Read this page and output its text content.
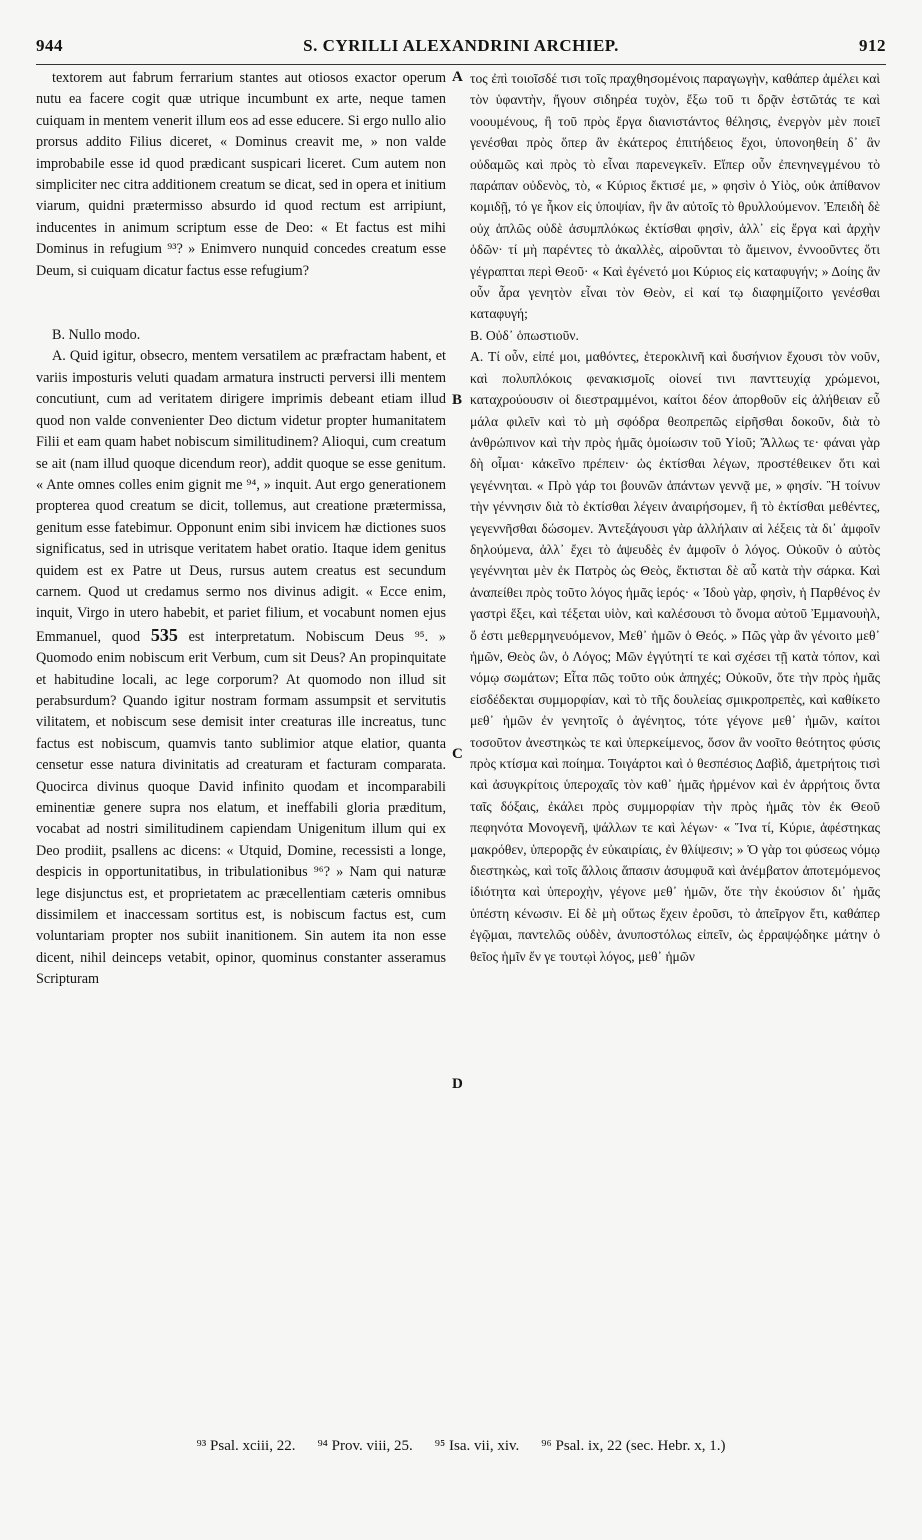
944	S. CYRILLI ALEXANDRINI ARCHIEP.	912

textorem aut fabrum ferrarium stantes aut otiosos exactor operum nutu ea facere cogit quæ utrique incumbunt ex arte, neque tamen cuiquam in mentem venerit illum eos ad esse educere. Si ergo nullo alio prorsus addito Filius diceret, « Dominus creavit me, » non valde improbabile esse id quod prædicant suspicari liceret. Cum autem non simpliciter nec citra additionem creatum se dicat, sed in opera et initium viarum, quidni prætermisso absurdo id quod rectum est arripiunt, inducentes in animum scriptum esse de Deo: « Et factus est mihi Dominus in refugium ⁹³? » Enimvero nunquid concedes creatum esse Deum, si cuiquam dicatur factus esse refugium?

B. Nullo modo.

A. Quid igitur, obsecro, mentem versatilem ac præfractam habent, et variis imposturis veluti quadam armatura instructi perversi illi mentem concutiunt, cum ad veritatem dirigere imprimis debeant etiam illud quod non valde convenienter Deo dictum videtur propter humanitatem Filii et eam quam habet nobiscum similitudinem? Alioqui, cum creatum se ait (nam illud quoque dicendum reor), addit quoque se esse genitum. « Ante omnes colles enim gignit me ⁹⁴, » inquit. Aut ergo generationem propterea quod creatum se dicit, tollemus, aut creatione prætermissa, genitum esse fatebimur. Opponunt enim sibi invicem hæ dictiones suos significatus, sed in utrisque veritatem habet oratio. Itaque idem genitus quidem est ex Patre ut Deus, rursus autem creatus est secundum carnem. Quod ut credamus sermo nos divinus adigit. « Ecce enim, inquit, Virgo in utero habebit, et pariet filium, et vocabunt nomen ejus Emmanuel, quod 535 est interpretatum. Nobiscum Deus ⁹⁵. » Quomodo enim nobiscum erit Verbum, cum sit Deus? An propinquitate et habitudine locali, ac lege corporum? At quomodo non illud sit perabsurdum? Quando igitur nostram formam assumpsit et servitutis vilitatem, et nobiscum sese demisit inter creaturas ille increatus, tunc factus est nobiscum, quamvis tanto sublimior atque elatior, quanta censetur esse natura divinitatis ad creaturam et facturam comparata. Quocirca divinus quoque David infinito quodam et incomparabili eminentiæ genere supra nos elatum, et ineffabili gloria præditum, vocabat ad nostri similitudinem capiendam Unigenitum illum qui ex Deo prodiit, psallens ac dicens: « Utquid, Domine, recessisti a longe, despicis in opportunitatibus, in tribulationibus ⁹⁶? » Nam qui naturæ lege disjunctus est, et proprietatem ac præcellentiam cæteris omnibus dissimilem et inaccessam sortitus est, is nobiscum factus est, cum voluntariam propter nos subiit inanitionem. Sin autem ita non esse dicent, nihil deinceps vetabit, opinor, quominus constanter asseramus Scripturam

A
B
C
D

τος ἐπὶ τοιοῖσδέ τισι τοῖς πραχθησομένοις παραγωγὴν, καθάπερ ἀμέλει καὶ τὸν ὑφαντὴν, ἤγουν σιδηρέα τυχὸν, ἔξω τοῦ τι δρᾷν ἑστῶτάς τε καὶ νοουμένους, ἢ τοῦ πρὸς ἔργα διανιστάντος θέλησις, ἐνεργὸν μὲν ποιεῖ γενέσθαι πρὸς ὅπερ ἂν ἑκάτερος ἐπιτήδειος ἔχοι, ὑπονοηθείη δ᾽ ἂν οὐδαμῶς καὶ πρὸς τὸ εἶναι παρενεγκεῖν. Εἴπερ οὖν ἐπενηνεγμένου τὸ παράπαν οὐδενὸς, τὸ, « Κύριος ἔκτισέ με, » φησὶν ὁ Υἱὸς, οὐκ ἀπίθανον κομιδῇ, τό γε ἧκον εἰς ὑποψίαν, ἣν ἂν αὐτοῖς τὸ θρυλλούμενον. Ἐπειδὴ δὲ οὐχ ἁπλῶς οὐδὲ ἀσυμπλόκως ἐκτίσθαι φησὶν, ἀλλ᾽ εἰς ἔργα καὶ ἀρχὴν ὁδῶν· τί μὴ παρέντες τὸ ἀκαλλὲς, αἱροῦνται τὸ ἄμεινον, ἐννοοῦντες ὅτι γέγραπται περὶ Θεοῦ· « Καὶ ἐγένετό μοι Κύριος εἰς καταφυγήν; » Δοίης ἂν οὖν ἆρα γενητὸν εἶναι τὸν Θεὸν, εἰ καί τῳ διαφημίζοιτο γενέσθαι καταφυγή;

B. Οὐδ᾽ ὁπωστιοῦν.

A. Τί οὖν, εἰπέ μοι, μαθόντες, ἑτεροκλινῆ καὶ δυσήνιον ἔχουσι τὸν νοῦν, καὶ πολυπλόκοις φενακισμοῖς οἱονεί τινι πανττευχίᾳ χρώμενοι, καταχρούουσιν οἱ διεστραμμένοι, καίτοι δέον ἀπορθοῦν εἰς ἀλήθειαν εὖ μάλα φιλεῖν καὶ τὸ μὴ σφόδρα θεοπρεπῶς εἰρῆσθαι δοκοῦν, διὰ τὸ ἀνθρώπινον καὶ τὴν πρὸς ἡμᾶς ὁμοίωσιν τοῦ Υἱοῦ; Ἄλλως τε· φάναι γὰρ δὴ οἶμαι· κἀκεῖνο πρέπειν· ὡς ἐκτίσθαι λέγων, προστέθεικεν ὅτι καὶ γεγέννηται. « Πρὸ γάρ τοι βουνῶν ἁπάντων γεννᾷ με, » φησίν. Ἢ τοίνυν τὴν γέννησιν διὰ τὸ ἐκτίσθαι λέγειν ἀναιρήσομεν, ἢ τὸ ἐκτίσθαι μεθέντες, γεγεννῆσθαι δώσομεν. Ἀντεξάγουσι γὰρ ἀλλήλαιν αἱ λέξεις τὰ δι᾽ ἀμφοῖν δηλούμενα, ἀλλ᾽ ἔχει τὸ ἀψευδὲς ἐν ἀμφοῖν ὁ λόγος. Οὐκοῦν ὁ αὐτὸς γεγέννηται μὲν ἐκ Πατρὸς ὡς Θεὸς, ἔκτισται δὲ αὖ κατὰ τὴν σάρκα. Καὶ ἀναπείθει πρὸς τοῦτο λόγος ἡμᾶς ἱερός· « Ἰδοὺ γὰρ, φησὶν, ἡ Παρθένος ἐν γαστρὶ ἕξει, καὶ τέξεται υἱὸν, καὶ καλέσουσι τὸ ὄνομα αὐτοῦ Ἐμμανουὴλ, ὅ ἐστι μεθερμηνευόμενον, Μεθ᾽ ἡμῶν ὁ Θεός. » Πῶς γὰρ ἂν γένοιτο μεθ᾽ ἡμῶν, Θεὸς ὢν, ὁ Λόγος; Μῶν ἐγγύτητί τε καὶ σχέσει τῇ κατὰ τόπον, καὶ νόμῳ σωμάτων; Εἶτα πῶς τοῦτο οὐκ ἀπηχές; Οὐκοῦν, ὅτε τὴν πρὸς ἡμᾶς εἰσδέδεκται συμμορφίαν, καὶ τὸ τῆς δουλείας σμικροπρεπὲς, καὶ καθίκετο μεθ᾽ ἡμῶν ἐν γενητοῖς ὁ ἀγένητος, τότε γέγονε μεθ᾽ ἡμῶν, καίτοι τοσοῦτον ἀνεστηκὼς τε καὶ ὑπερκείμενος, ὅσον ἂν νοοῖτο θεότητος φύσις πρὸς κτίσμα καὶ ποίημα. Τοιγάρτοι καὶ ὁ θεσπέσιος Δαβὶδ, ἀμετρήτοις τισὶ καὶ ἀσυγκρίτοις ὑπεροχαῖς τὸν καθ᾽ ἡμᾶς ἠρμένον καὶ ἐν ἀρρήτοις ὄντα ταῖς δόξαις, ἐκάλει πρὸς συμμορφίαν τὴν πρὸς ἡμᾶς τὸν ἐκ Θεοῦ πεφηνότα Μονογενῆ, ψάλλων τε καὶ λέγων· « Ἵνα τί, Κύριε, ἀφέστηκας μακρόθεν, ὑπερορᾷς ἐν εὐκαιρίαις, ἐν θλίψεσιν; » Ὁ γὰρ τοι φύσεως νόμῳ διεστηκὼς, καὶ τοῖς ἄλλοις ἅπασιν ἀσυμφυᾶ καὶ ἀνέμβατον ἀποτεμόμενος ἰδιότητα καὶ ὑπεροχὴν, γέγονε μεθ᾽ ἡμῶν, ὅτε τὴν ἑκούσιον δι᾽ ἡμᾶς ὑπέστη κένωσιν. Εἰ δὲ μὴ οὕτως ἔχειν ἐροῦσι, τὸ ἀπεῖργον ἔτι, καθάπερ ἐγῷμαι, παντελῶς οὐδὲν, ἀνυποστόλως εἰπεῖν, ὡς ἐρραψῴδηκε μάτην ὁ θεῖος ἡμῖν ἔν γε τουτῳὶ λόγος, μεθ᾽ ἡμῶν

⁹³ Psal. xciii, 22. ⁹⁴ Prov. viii, 25. ⁹⁵ Isa. vii, xiv. ⁹⁶ Psal. ix, 22 (sec. Hebr. x, 1.)
